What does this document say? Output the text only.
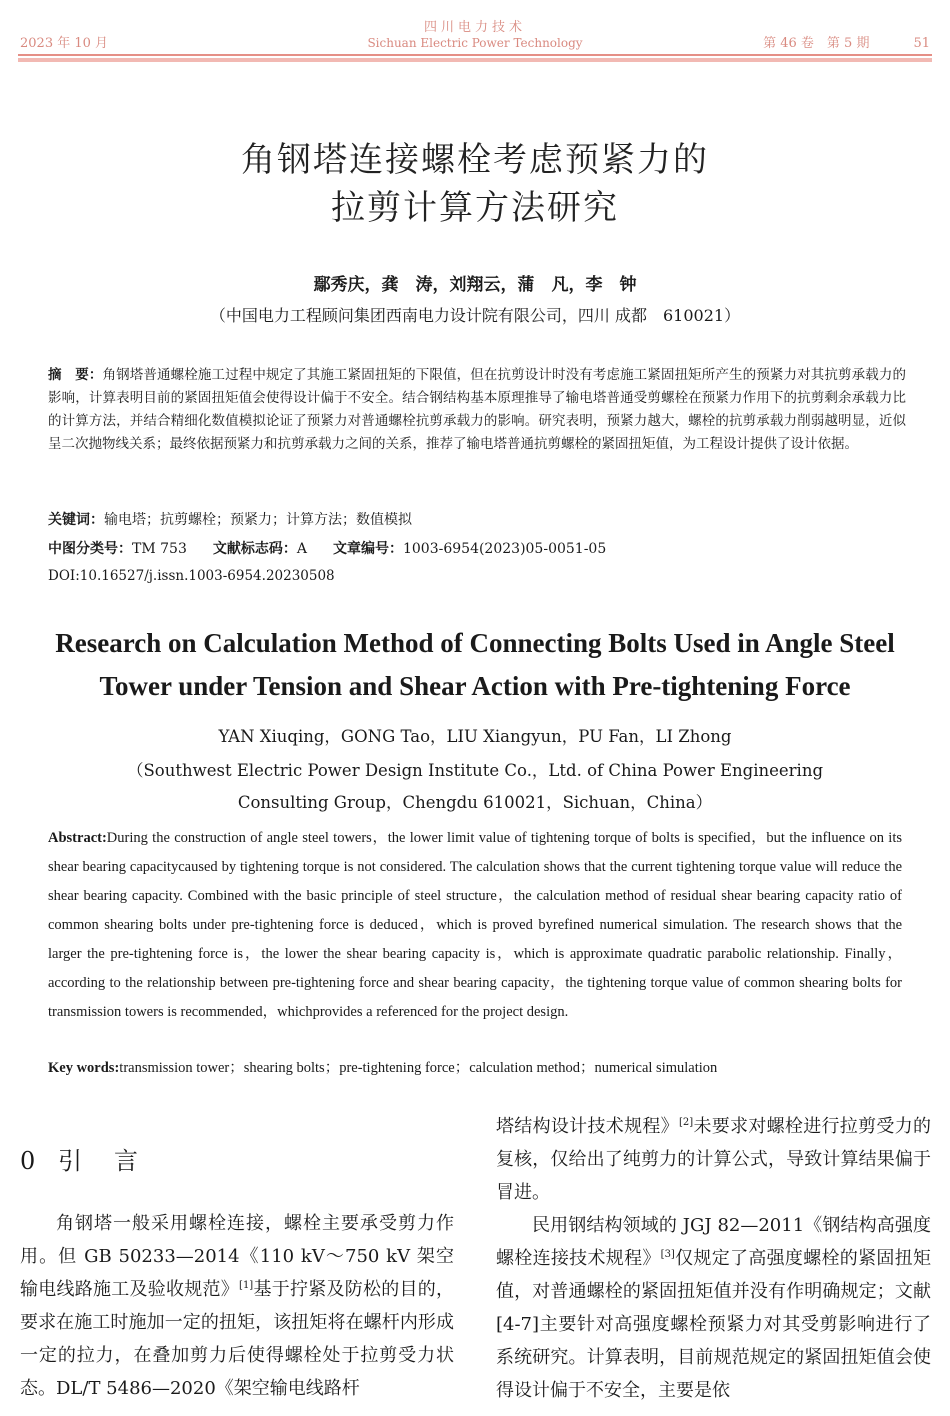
2023 年 10 月
四川电力技术
Sichuan Electric Power Technology	第 46 卷　第 5 期	51
角钢塔连接螺栓考虑预紧力的
拉剪计算方法研究
鄢秀庆，龚　涛，刘翔云，蒲　凡，李　钟
（中国电力工程顾问集团西南电力设计院有限公司，四川 成都　610021）
摘　要：角钢塔普通螺栓施工过程中规定了其施工紧固扭矩的下限值，但在抗剪设计时没有考虑施工紧固扭矩所产生的预紧力对其抗剪承载力的影响，计算表明目前的紧固扭矩值会使得设计偏于不安全。结合钢结构基本原理推导了输电塔普通受剪螺栓在预紧力作用下的抗剪剩余承载力比的计算方法，并结合精细化数值模拟论证了预紧力对普通螺栓抗剪承载力的影响。研究表明，预紧力越大，螺栓的抗剪承载力削弱越明显，近似呈二次抛物线关系；最终依据预紧力和抗剪承载力之间的关系，推荐了输电塔普通抗剪螺栓的紧固扭矩值，为工程设计提供了设计依据。
关键词：输电塔；抗剪螺栓；预紧力；计算方法；数值模拟
中图分类号：TM 753 文献标志码：A 文章编号：1003-6954(2023)05-0051-05
DOI:10.16527/j.issn.1003-6954.20230508
Research on Calculation Method of Connecting Bolts Used in Angle Steel
Tower under Tension and Shear Action with Pre-tightening Force
YAN Xiuqing，GONG Tao，LIU Xiangyun，PU Fan，LI Zhong
（Southwest Electric Power Design Institute Co.，Ltd. of China Power Engineering
Consulting Group，Chengdu 610021，Sichuan，China）
Abstract:During the construction of angle steel towers，the lower limit value of tightening torque of bolts is specified，but the influence on its shear bearing capacitycaused by tightening torque is not considered. The calculation shows that the current tightening torque value will reduce the shear bearing capacity. Combined with the basic principle of steel structure，the calculation method of residual shear bearing capacity ratio of common shearing bolts under pre-tightening force is deduced，which is proved byrefined numerical simulation. The research shows that the larger the pre-tightening force is，the lower the shear bearing capacity is，which is approximate quadratic parabolic relationship. Finally，according to the relationship between pre-tightening force and shear bearing capacity，the tightening torque value of common shearing bolts for transmission towers is recommended，whichprovides a referenced for the project design.
Key words:transmission tower；shearing bolts；pre-tightening force；calculation method；numerical simulation
0 引 言

角钢塔一般采用螺栓连接，螺栓主要承受剪力作用。但 GB 50233—2014《110 kV～750 kV 架空输电线路施工及验收规范》[1]基于拧紧及防松的目的，要求在施工时施加一定的扭矩，该扭矩将在螺杆内形成一定的拉力，在叠加剪力后使得螺栓处于拉剪受力状态。DL/T 5486—2020《架空输电线路杆

塔结构设计技术规程》[2]未要求对螺栓进行拉剪受力的复核，仅给出了纯剪力的计算公式，导致计算结果偏于冒进。

民用钢结构领域的 JGJ 82—2011《钢结构高强度螺栓连接技术规程》[3]仅规定了高强度螺栓的紧固扭矩值，对普通螺栓的紧固扭矩值并没有作明确规定；文献[4-7]主要针对高强度螺栓预紧力对其受剪影响进行了系统研究。计算表明，目前规范规定的紧固扭矩值会使得设计偏于不安全，主要是依
